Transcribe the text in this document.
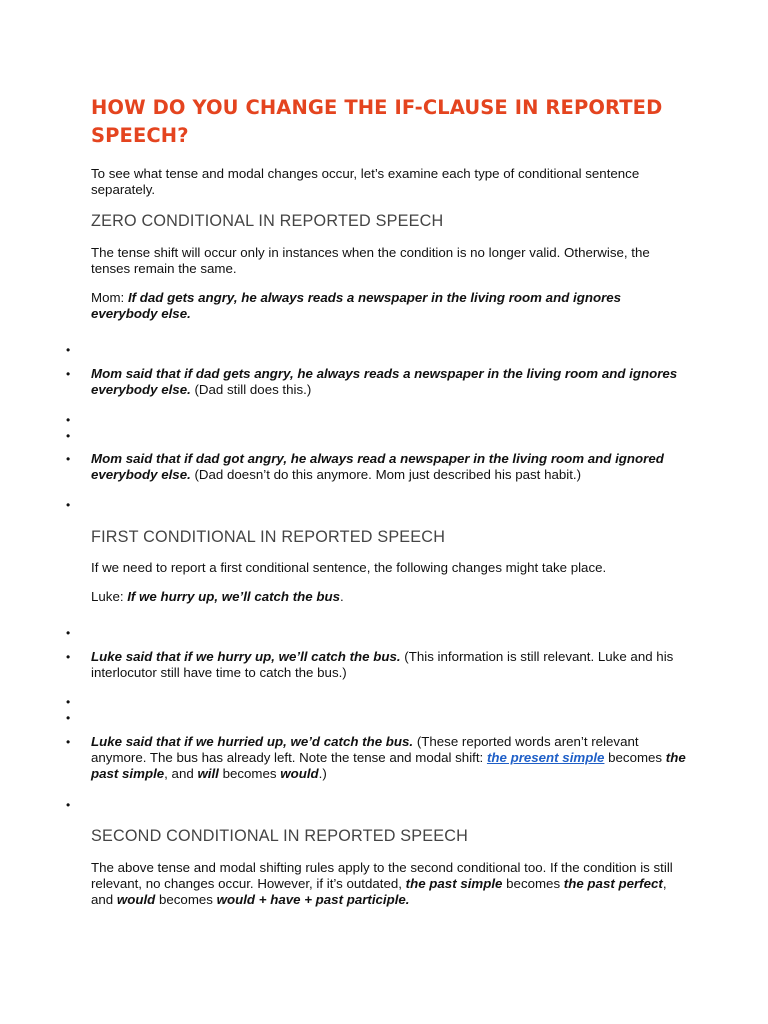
HOW DO YOU CHANGE THE IF-CLAUSE IN REPORTED SPEECH?

To see what tense and modal changes occur, let’s examine each type of conditional sentence separately.

ZERO CONDITIONAL IN REPORTED SPEECH

The tense shift will occur only in instances when the condition is no longer valid. Otherwise, the tenses remain the same.

Mom: If dad gets angry, he always reads a newspaper in the living room and ignores everybody else.

•
• Mom said that if dad gets angry, he always reads a newspaper in the living room and ignores everybody else. (Dad still does this.)

•
•
• Mom said that if dad got angry, he always read a newspaper in the living room and ignored everybody else. (Dad doesn’t do this anymore. Mom just described his past habit.)

•
FIRST CONDITIONAL IN REPORTED SPEECH

If we need to report a first conditional sentence, the following changes might take place.

Luke: If we hurry up, we’ll catch the bus.

•
• Luke said that if we hurry up, we’ll catch the bus. (This information is still relevant. Luke and his interlocutor still have time to catch the bus.)

•
•
• Luke said that if we hurried up, we’d catch the bus. (These reported words aren’t relevant anymore. The bus has already left. Note the tense and modal shift: the present simple becomes the past simple, and will becomes would.)

•
SECOND CONDITIONAL IN REPORTED SPEECH

The above tense and modal shifting rules apply to the second conditional too. If the condition is still relevant, no changes occur. However, if it’s outdated, the past simple becomes the past perfect, and would becomes would + have + past participle.
